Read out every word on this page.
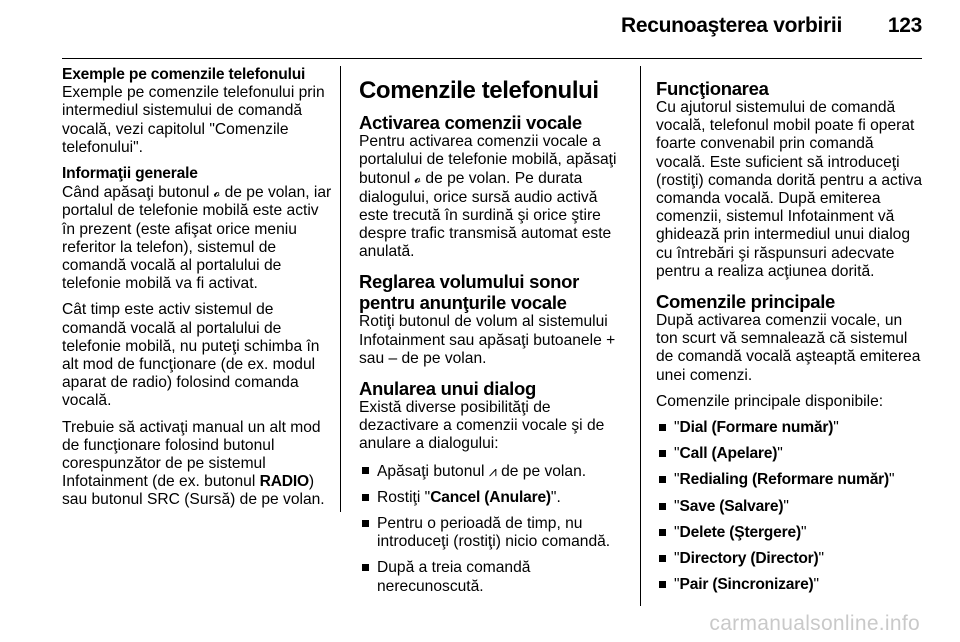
Recunoaşterea vorbirii 123
Exemple pe comenzile telefonului

Exemple pe comenzile telefonului prin intermediul sistemului de comandă vocală, vezi capitolul "Comenzile telefonului".

Informaţii generale

Când apăsaţi butonul 𝓸 de pe volan, iar portalul de telefonie mobilă este activ în prezent (este afişat orice meniu referitor la telefon), sistemul de comandă vocală al portalului de telefonie mobilă va fi activat.

Cât timp este activ sistemul de comandă vocală al portalului de telefonie mobilă, nu puteţi schimba în alt mod de funcţionare (de ex. modul aparat de radio) folosind comanda vocală.

Trebuie să activaţi manual un alt mod de funcţionare folosind butonul corespunzător de pe sistemul Infotainment (de ex. butonul RADIO) sau butonul SRC (Sursă) de pe volan.

Comenzile telefonului
Activarea comenzii vocale

Pentru activarea comenzii vocale a portalului de telefonie mobilă, apăsaţi butonul 𝓸 de pe volan. Pe durata dialogului, orice sursă audio activă este trecută în surdină şi orice ştire despre trafic transmisă automat este anulată.

Reglarea volumului sonor pentru anunţurile vocale

Rotiţi butonul de volum al sistemului Infotainment sau apăsaţi butoanele + sau – de pe volan.

Anularea unui dialog

Există diverse posibilităţi de dezactivare a comenzii vocale şi de anulare a dialogului:

Apăsaţi butonul ⩘ de pe volan.
Rostiţi "Cancel (Anulare)".
Pentru o perioadă de timp, nu introduceţi (rostiţi) nicio comandă.
După a treia comandă nerecunoscută.
Funcţionarea

Cu ajutorul sistemului de comandă vocală, telefonul mobil poate fi operat foarte convenabil prin comandă vocală. Este suficient să introduceţi (rostiţi) comanda dorită pentru a activa comanda vocală. După emiterea comenzii, sistemul Infotainment vă ghidează prin intermediul unui dialog cu întrebări şi răspunsuri adecvate pentru a realiza acţiunea dorită.

Comenzile principale

După activarea comenzii vocale, un ton scurt vă semnalează că sistemul de comandă vocală aşteaptă emiterea unei comenzi.

Comenzile principale disponibile:

"Dial (Formare număr)"
"Call (Apelare)"
"Redialing (Reformare număr)"
"Save (Salvare)"
"Delete (Ştergere)"
"Directory (Director)"
"Pair (Sincronizare)"
carmanualsonline.info
